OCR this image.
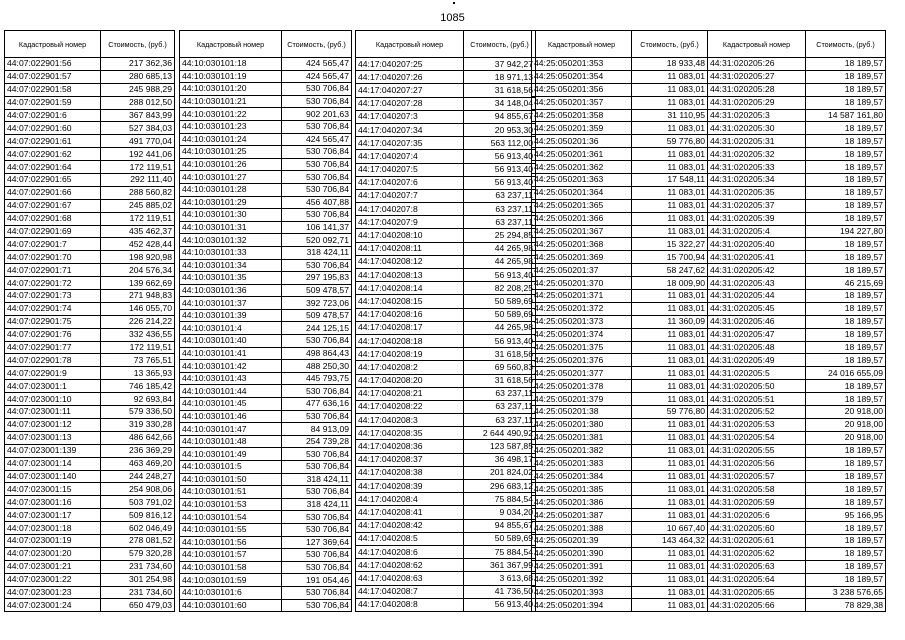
1085
Кадастровый номер	Стоимость, (руб.)
44:07:022901:56	217 362,36
44:07:022901:57	280 685,13
44:07:022901:58	245 988,29
44:07:022901:59	288 012,50
44:07:022901:6	367 843,99
44:07:022901:60	527 384,03
44:07:022901:61	491 770,04
44:07:022901:62	192 441,06
44:07:022901:64	172 119,51
44:07:022901:65	292 111,40
44:07:022901:66	288 560,82
44:07:022901:67	245 885,02
44:07:022901:68	172 119,51
44:07:022901:69	435 462,37
44:07:022901:7	452 428,44
44:07:022901:70	198 920,98
44:07:022901:71	204 576,34
44:07:022901:72	139 662,69
44:07:022901:73	271 948,83
44:07:022901:74	146 055,70
44:07:022901:75	226 214,22
44:07:022901:76	332 436,55
44:07:022901:77	172 119,51
44:07:022901:78	73 765,51
44:07:022901:9	13 365,93
44:07:023001:1	746 185,42
44:07:023001:10	92 693,84
44:07:023001:11	579 336,50
44:07:023001:12	319 330,28
44:07:023001:13	486 642,66
44:07:023001:139	236 369,29
44:07:023001:14	463 469,20
44:07:023001:140	244 248,27
44:07:023001:15	254 908,06
44:07:023001:16	503 791,02
44:07:023001:17	509 816,12
44:07:023001:18	602 046,49
44:07:023001:19	278 081,52
44:07:023001:20	579 320,28
44:07:023001:21	231 734,60
44:07:023001:22	301 254,98
44:07:023001:23	231 734,60
44:07:023001:24	650 479,03
Кадастровый номер	Стоимость, (руб.)
44:10:030101:18	424 565,47
44:10:030101:19	424 565,47
44:10:030101:20	530 706,84
44:10:030101:21	530 706,84
44:10:030101:22	902 201,63
44:10:030101:23	530 706,84
44:10:030101:24	424 565,47
44:10:030101:25	530 706,84
44:10:030101:26	530 706,84
44:10:030101:27	530 706,84
44:10:030101:28	530 706,84
44:10:030101:29	456 407,88
44:10:030101:30	530 706,84
44:10:030101:31	106 141,37
44:10:030101:32	520 092,71
44:10:030101:33	318 424,11
44:10:030101:34	530 706,84
44:10:030101:35	297 195,83
44:10:030101:36	509 478,57
44:10:030101:37	392 723,06
44:10:030101:39	509 478,57
44:10:030101:4	244 125,15
44:10:030101:40	530 706,84
44:10:030101:41	498 864,43
44:10:030101:42	488 250,30
44:10:030101:43	445 793,75
44:10:030101:44	530 706,84
44:10:030101:45	477 636,16
44:10:030101:46	530 706,84
44:10:030101:47	84 913,09
44:10:030101:48	254 739,28
44:10:030101:49	530 706,84
44:10:030101:5	530 706,84
44:10:030101:50	318 424,11
44:10:030101:51	530 706,84
44:10:030101:53	318 424,11
44:10:030101:54	530 706,84
44:10:030101:55	530 706,84
44:10:030101:56	127 369,64
44:10:030101:57	530 706,84
44:10:030101:58	530 706,84
44:10:030101:59	191 054,46
44:10:030101:6	530 706,84
44:10:030101:60	530 706,84
Кадастровый номер	Стоимость, (руб.)
44:17:040207:25	37 942,27
44:17:040207:26	18 971,13
44:17:040207:27	31 618,56
44:17:040207:28	34 148,04
44:17:040207:3	94 855,67
44:17:040207:34	20 953,30
44:17:040207:35	563 112,00
44:17:040207:4	56 913,40
44:17:040207:5	56 913,40
44:17:040207:6	56 913,40
44:17:040207:7	63 237,11
44:17:040207:8	63 237,11
44:17:040207:9	63 237,11
44:17:040208:10	25 294,85
44:17:040208:11	44 265,98
44:17:040208:12	44 265,98
44:17:040208:13	56 913,40
44:17:040208:14	82 208,25
44:17:040208:15	50 589,69
44:17:040208:16	50 589,69
44:17:040208:17	44 265,98
44:17:040208:18	56 913,40
44:17:040208:19	31 618,56
44:17:040208:2	69 560,83
44:17:040208:20	31 618,56
44:17:040208:21	63 237,11
44:17:040208:22	63 237,11
44:17:040208:3	63 237,11
44:17:040208:35	2 644 490,92
44:17:040208:36	123 587,85
44:17:040208:37	36 498,17
44:17:040208:38	201 824,02
44:17:040208:39	296 683,12
44:17:040208:4	75 884,54
44:17:040208:41	9 034,20
44:17:040208:42	94 855,67
44:17:040208:5	50 589,69
44:17:040208:6	75 884,54
44:17:040208:62	361 367,99
44:17:040208:63	3 613,68
44:17:040208:7	41 736,50
44:17:040208:8	56 913,40
Кадастровый номер	Стоимость, (руб.)
44:25:050201:353	18 933,48
44:25:050201:354	11 083,01
44:25:050201:356	11 083,01
44:25:050201:357	11 083,01
44:25:050201:358	31 110,95
44:25:050201:359	11 083,01
44:25:050201:36	59 776,80
44:25:050201:361	11 083,01
44:25:050201:362	11 083,01
44:25:050201:363	17 548,11
44:25:050201:364	11 083,01
44:25:050201:365	11 083,01
44:25:050201:366	11 083,01
44:25:050201:367	11 083,01
44:25:050201:368	15 322,27
44:25:050201:369	15 700,94
44:25:050201:37	58 247,62
44:25:050201:370	18 009,90
44:25:050201:371	11 083,01
44:25:050201:372	11 083,01
44:25:050201:373	11 360,09
44:25:050201:374	11 083,01
44:25:050201:375	11 083,01
44:25:050201:376	11 083,01
44:25:050201:377	11 083,01
44:25:050201:378	11 083,01
44:25:050201:379	11 083,01
44:25:050201:38	59 776,80
44:25:050201:380	11 083,01
44:25:050201:381	11 083,01
44:25:050201:382	11 083,01
44:25:050201:383	11 083,01
44:25:050201:384	11 083,01
44:25:050201:385	11 083,01
44:25:050201:386	11 083,01
44:25:050201:387	11 083,01
44:25:050201:388	10 667,40
44:25:050201:39	143 464,32
44:25:050201:390	11 083,01
44:25:050201:391	11 083,01
44:25:050201:392	11 083,01
44:25:050201:393	11 083,01
44:25:050201:394	11 083,01
Кадастровый номер	Стоимость, (руб.)
44:31:020205:26	18 189,57
44:31:020205:27	18 189,57
44:31:020205:28	18 189,57
44:31:020205:29	18 189,57
44:31:020205:3	14 587 161,80
44:31:020205:30	18 189,57
44:31:020205:31	18 189,57
44:31:020205:32	18 189,57
44:31:020205:33	18 189,57
44:31:020205:34	18 189,57
44:31:020205:35	18 189,57
44:31:020205:37	18 189,57
44:31:020205:39	18 189,57
44:31:020205:4	194 227,80
44:31:020205:40	18 189,57
44:31:020205:41	18 189,57
44:31:020205:42	18 189,57
44:31:020205:43	46 215,69
44:31:020205:44	18 189,57
44:31:020205:45	18 189,57
44:31:020205:46	18 189,57
44:31:020205:47	18 189,57
44:31:020205:48	18 189,57
44:31:020205:49	18 189,57
44:31:020205:5	24 016 655,09
44:31:020205:50	18 189,57
44:31:020205:51	18 189,57
44:31:020205:52	20 918,00
44:31:020205:53	20 918,00
44:31:020205:54	20 918,00
44:31:020205:55	18 189,57
44:31:020205:56	18 189,57
44:31:020205:57	18 189,57
44:31:020205:58	18 189,57
44:31:020205:59	18 189,57
44:31:020205:6	95 166,95
44:31:020205:60	18 189,57
44:31:020205:61	18 189,57
44:31:020205:62	18 189,57
44:31:020205:63	18 189,57
44:31:020205:64	18 189,57
44:31:020205:65	3 238 576,65
44:31:020205:66	78 829,38
